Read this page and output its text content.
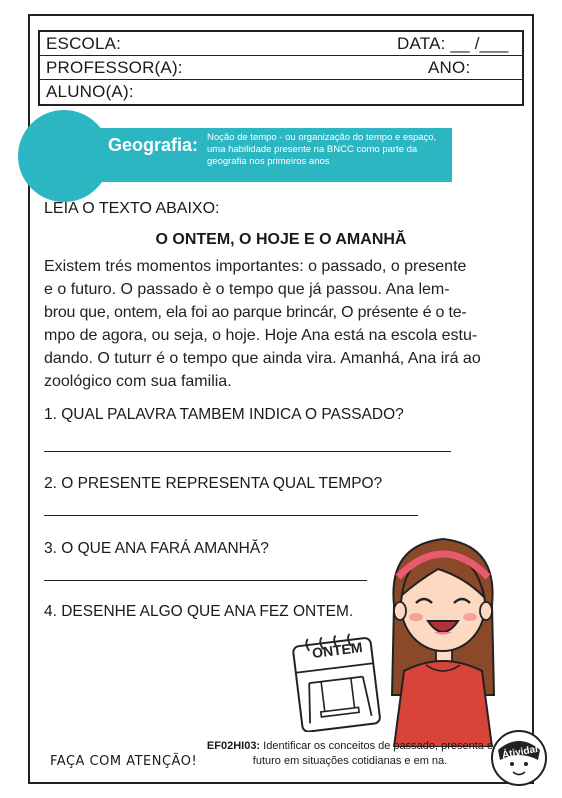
ESCOLA:	DATA: __ /___
PROFESSOR(A):	ANO:
ALUNO(A):
Geografia: Noção de tempo - ou organização do tempo e espaço, uma habilidade presente na BNCC como parte da geografia nos primeiros anos
LEIA O TEXTO ABAIXO:
O ONTEM, O HOJE E O AMANHĂ
Existem trés momentos importantes: o passado, o presente
e o futuro. O passado è o tempo que já passou. Ana lem-
brou que, ontem, ela foi ao parque brincár, O présente é o te-
mpo de agora, ou seja, o hoje. Hoje Ana está na escola estu-
dando. O tuturr é o tempo que ainda vira. Amanhá, Ana irá ao
zoológico com sua familia.
1. QUAL PALAVRA TAMBEM INDICA O PASSADO?
2. O PRESENTE REPRESENTA QUAL TEMPO?
3. O QUE ANA FARÁ AMANHĂ?
4. DESENHE ALGO QUE ANA FEZ ONTEM.
ONTEM
FAÇA COM ATENÇÃO!
EF02HI03: Identificar os conceitos de passado, presenta e futuro em situações cotidianas e em na.	Átividai
